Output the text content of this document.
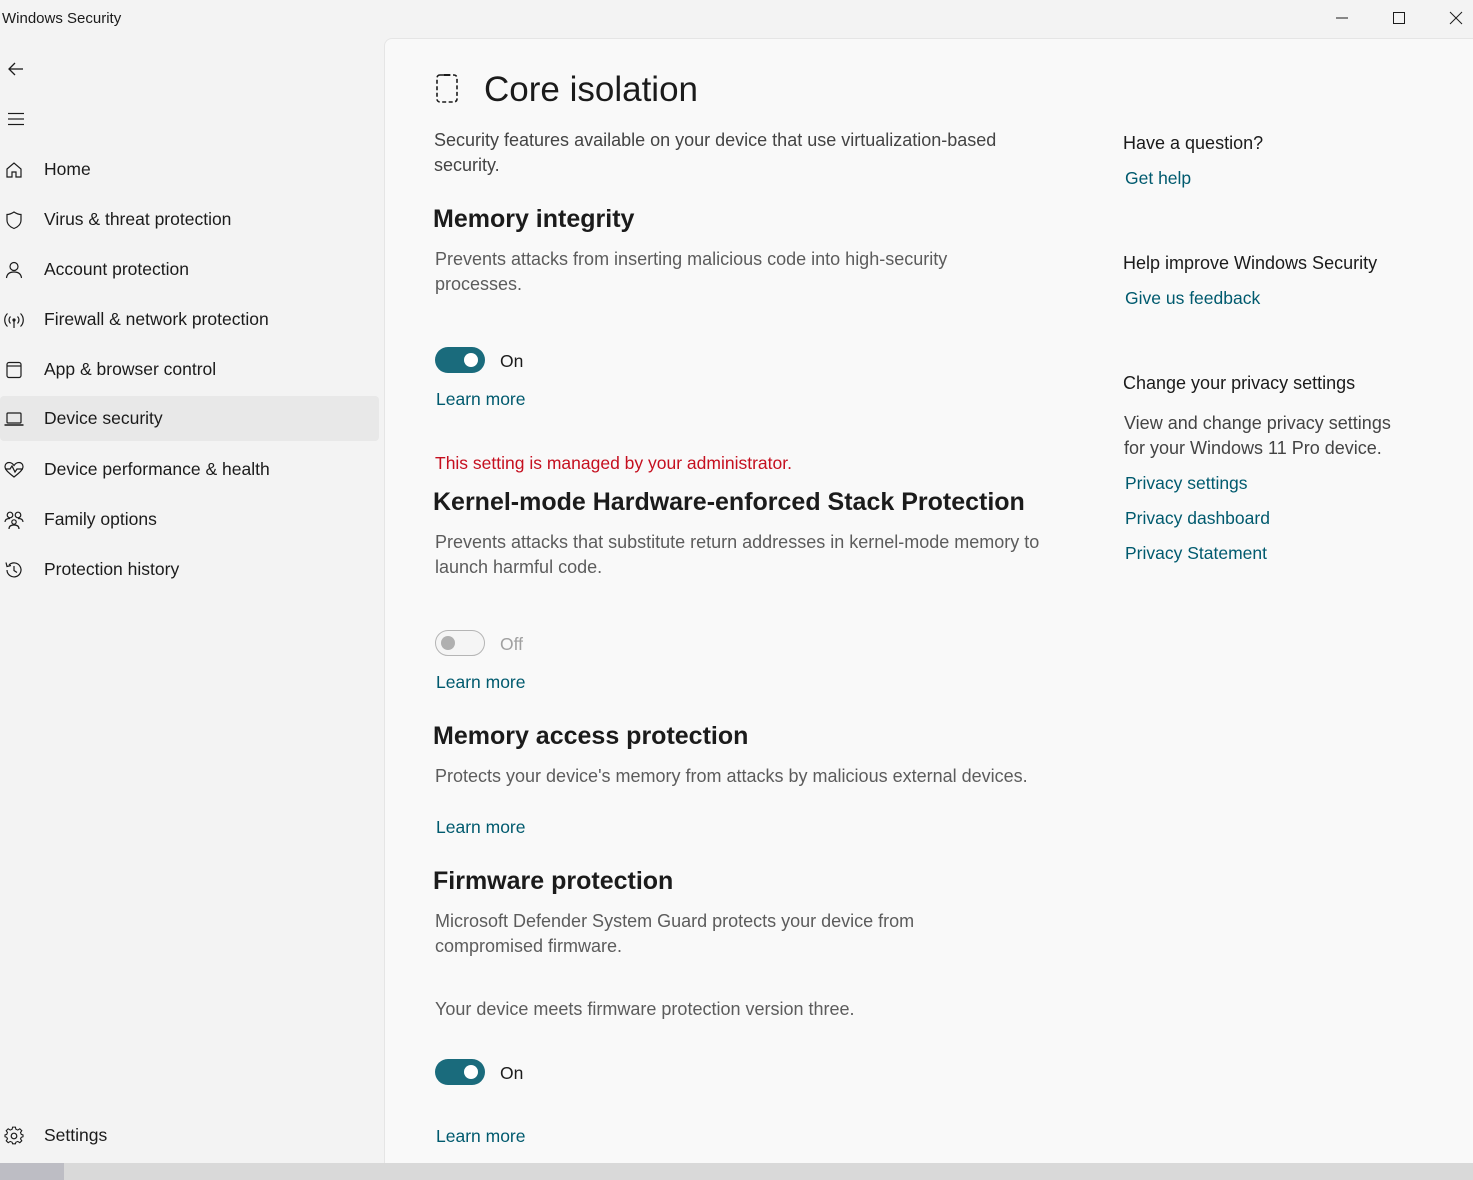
Windows Security
Home
Virus & threat protection
Account protection
Firewall & network protection
App & browser control
Device security
Device performance & health
Family options
Protection history
Settings
Core isolation

Security features available on your device that use virtualization-based security.

Memory integrity

Prevents attacks from inserting malicious code into high-security processes.

On
Learn more
This setting is managed by your administrator.
Kernel-mode Hardware-enforced Stack Protection

Prevents attacks that substitute return addresses in kernel-mode memory to launch harmful code.

Off
Learn more
Memory access protection

Protects your device's memory from attacks by malicious external devices.

Learn more
Firmware protection

Microsoft Defender System Guard protects your device from compromised firmware.

Your device meets firmware protection version three.

On
Learn more
Have a question?
Get help
Help improve Windows Security
Give us feedback
Change your privacy settings

View and change privacy settings for your Windows 11 Pro device.

Privacy settings
Privacy dashboard
Privacy Statement
